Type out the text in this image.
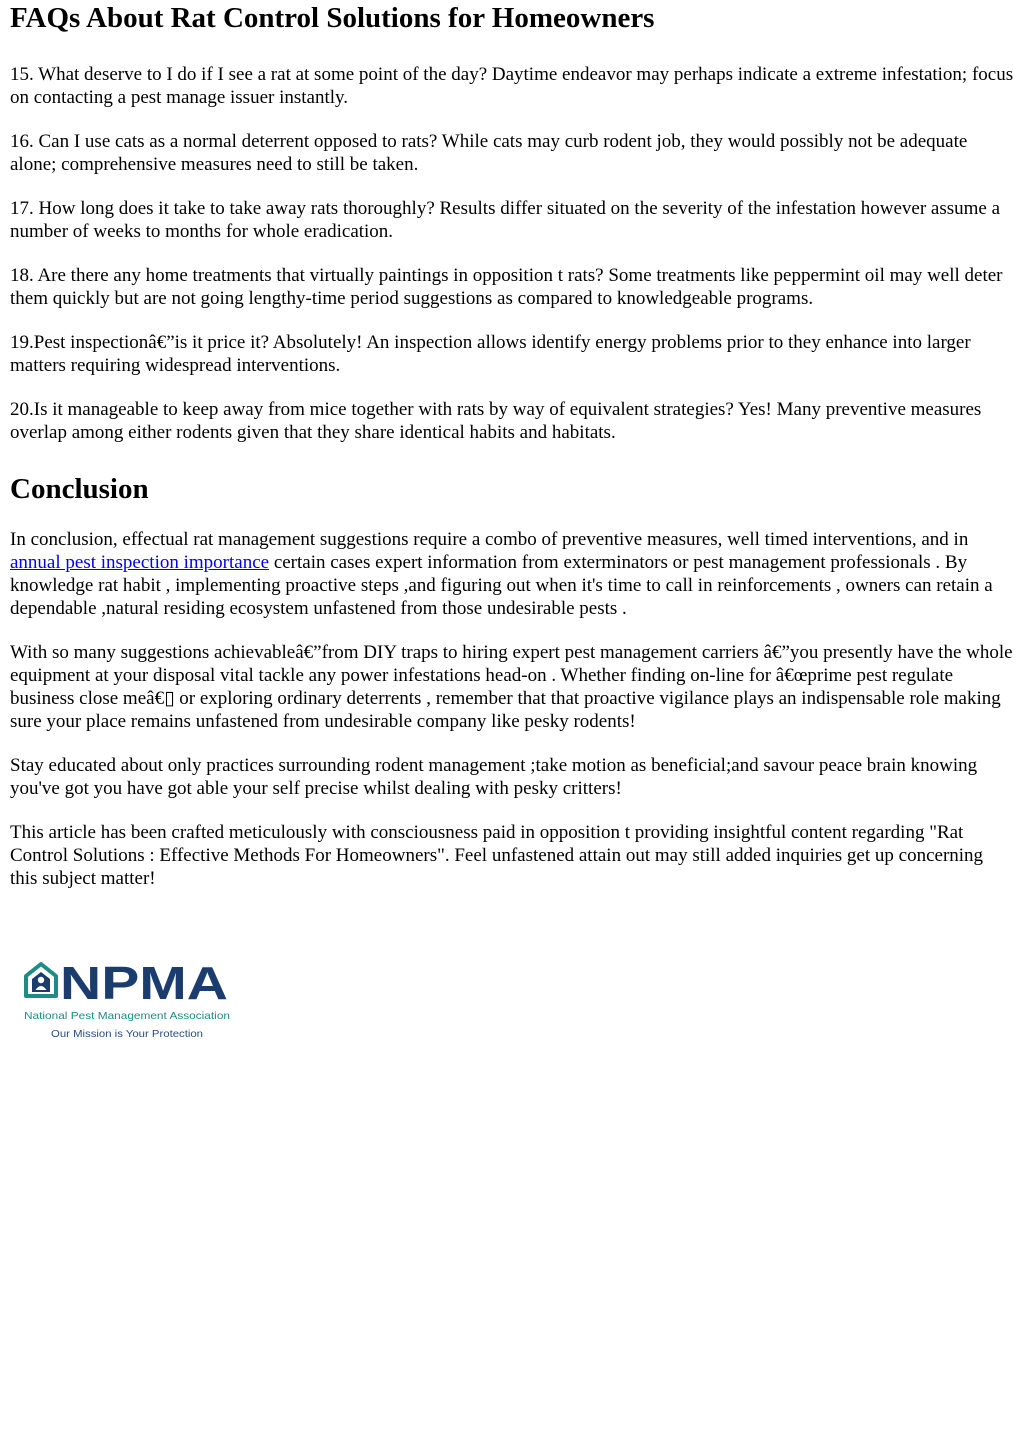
FAQs About Rat Control Solutions for Homeowners

15. What deserve to I do if I see a rat at some point of the day? Daytime endeavor may perhaps indicate a extreme infestation; focus on contacting a pest manage issuer instantly.

16. Can I use cats as a normal deterrent opposed to rats? While cats may curb rodent job, they would possibly not be adequate alone; comprehensive measures need to still be taken.

17. How long does it take to take away rats thoroughly? Results differ situated on the severity of the infestation however assume a number of weeks to months for whole eradication.

18. Are there any home treatments that virtually paintings in opposition t rats? Some treatments like peppermint oil may well deter them quickly but are not going lengthy-time period suggestions as compared to knowledgeable programs.

19.Pest inspectionâ€”is it price it? Absolutely! An inspection allows identify energy problems prior to they enhance into larger matters requiring widespread interventions.

20.Is it manageable to keep away from mice together with rats by way of equivalent strategies? Yes! Many preventive measures overlap among either rodents given that they share identical habits and habitats.

Conclusion

In conclusion, effectual rat management suggestions require a combo of preventive measures, well timed interventions, and in annual pest inspection importance certain cases expert information from exterminators or pest management professionals . By knowledge rat habit , implementing proactive steps ,and figuring out when it's time to call in reinforcements , owners can retain a dependable ,natural residing ecosystem unfastened from those undesirable pests .

With so many suggestions achievableâ€”from DIY traps to hiring expert pest management carriers â€”you presently have the whole equipment at your disposal vital tackle any power infestations head-on . Whether finding on-line for â€œprime pest regulate business close meâ€▯ or exploring ordinary deterrents , remember that that proactive vigilance plays an indispensable role making sure your place remains unfastened from undesirable company like pesky rodents!

Stay educated about only practices surrounding rodent management ;take motion as beneficial;and savour peace brain knowing you've got you have got able your self precise whilst dealing with pesky critters!

This article has been crafted meticulously with consciousness paid in opposition t providing insightful content regarding "Rat Control Solutions : Effective Methods For Homeowners". Feel unfastened attain out may still added inquiries get up concerning this subject matter!

NPMA
National Pest Management Association
Our Mission is Your Protection
